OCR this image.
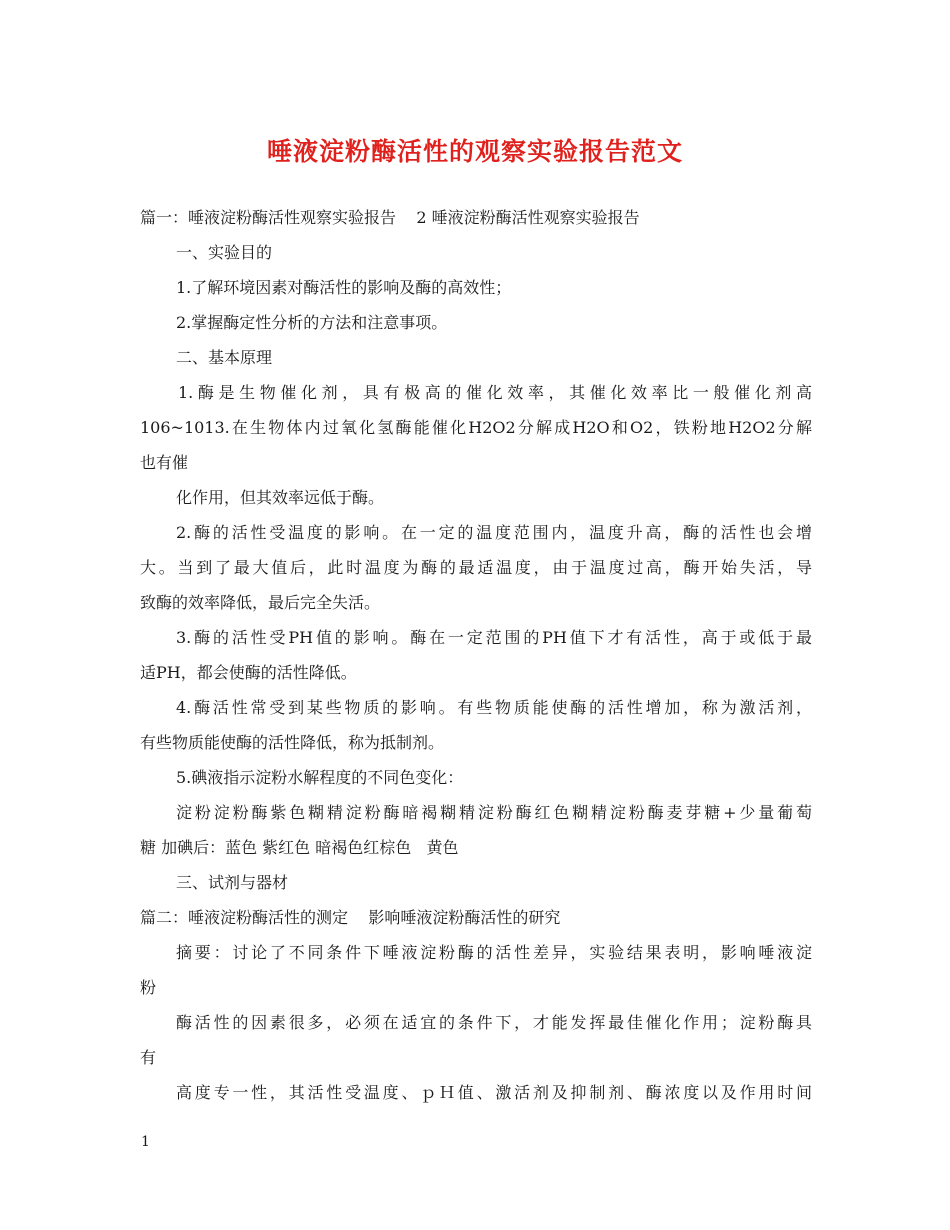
唾液淀粉酶活性的观察实验报告范文
篇一：唾液淀粉酶活性观察实验报告    2 唾液淀粉酶活性观察实验报告
一、实验目的
1.了解环境因素对酶活性的影响及酶的高效性；
2.掌握酶定性分析的方法和注意事项。
二、基本原理
1.酶是生物催化剂，具有极高的催化效率，其催化效率比一般催化剂高
106~1013.在生物体内过氧化氢酶能催化H2O2分解成H2O和O2，铁粉地H2O2分解
也有催
化作用，但其效率远低于酶。
2.酶的活性受温度的影响。在一定的温度范围内，温度升高，酶的活性也会增
大。当到了最大值后，此时温度为酶的最适温度，由于温度过高，酶开始失活，导
致酶的效率降低，最后完全失活。
3.酶的活性受PH值的影响。酶在一定范围的PH值下才有活性，高于或低于最
适PH，都会使酶的活性降低。
4.酶活性常受到某些物质的影响。有些物质能使酶的活性增加，称为激活剂，
有些物质能使酶的活性降低，称为抵制剂。
5.碘液指示淀粉水解程度的不同色变化：
淀粉淀粉酶紫色糊精淀粉酶暗褐糊精淀粉酶红色糊精淀粉酶麦芽糖+少量葡萄
糖 加碘后：蓝色 紫红色 暗褐色红棕色   黄色
三、试剂与器材
篇二：唾液淀粉酶活性的测定    影响唾液淀粉酶活性的研究
摘要：讨论了不同条件下唾液淀粉酶的活性差异，实验结果表明，影响唾液淀
粉
酶活性的因素很多，必须在适宜的条件下，才能发挥最佳催化作用；淀粉酶具
有
高度专一性，其活性受温度、ｐＨ值、激活剂及抑制剂、酶浓度以及作用时间
1
